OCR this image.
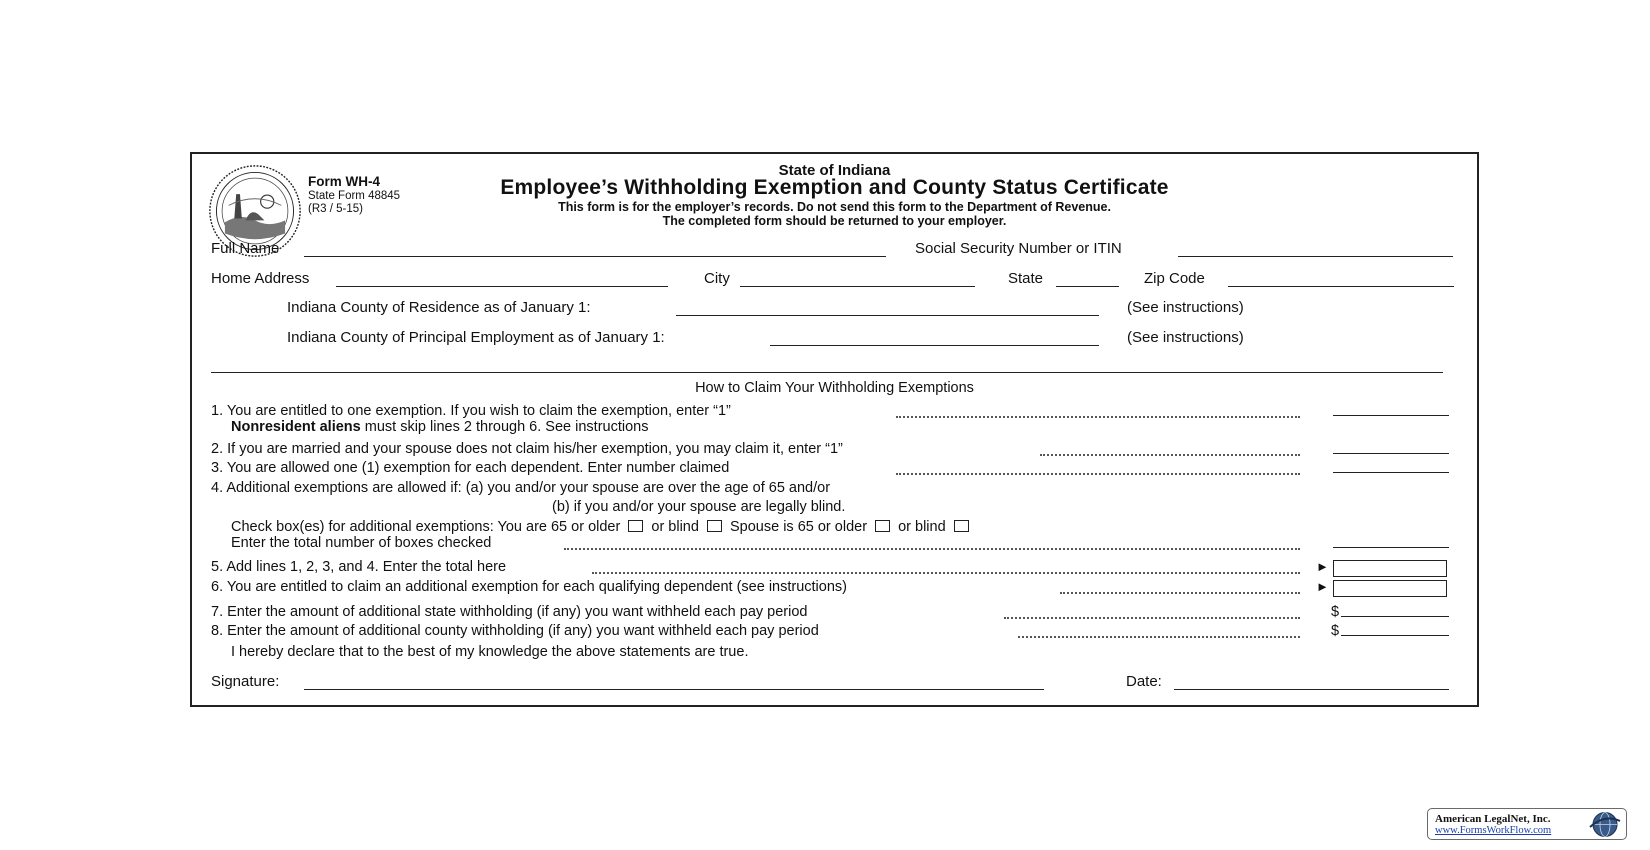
Form WH-4
State Form 48845
(R3 / 5-15)
State of Indiana
Employee’s Withholding Exemption and County Status Certificate
This form is for the employer’s records. Do not send this form to the Department of Revenue.
The completed form should be returned to your employer.
Full Name	Social Security Number or ITIN
Home Address	City	State	Zip Code
Indiana County of Residence as of January 1:	(See instructions)
Indiana County of Principal Employment as of January 1:	(See instructions)
How to Claim Your Withholding Exemptions
1. You are entitled to one exemption. If you wish to claim the exemption, enter “1”
Nonresident aliens must skip lines 2 through 6. See instructions
2. If you are married and your spouse does not claim his/her exemption, you may claim it, enter “1”
3. You are allowed one (1) exemption for each dependent. Enter number claimed
4. Additional exemptions are allowed if: (a) you and/or your spouse are over the age of 65 and/or
(b) if you and/or your spouse are legally blind.
Check box(es) for additional exemptions: You are 65 or older or blind Spouse is 65 or older or blind
Enter the total number of boxes checked
5. Add lines 1, 2, 3, and 4. Enter the total here	►
6. You are entitled to claim an additional exemption for each qualifying dependent (see instructions)	►
7. Enter the amount of additional state withholding (if any) you want withheld each pay period	$
8. Enter the amount of additional county withholding (if any) you want withheld each pay period	$
I hereby declare that to the best of my knowledge the above statements are true.
Signature:	Date:
American LegalNet, Inc.
www.FormsWorkFlow.com
